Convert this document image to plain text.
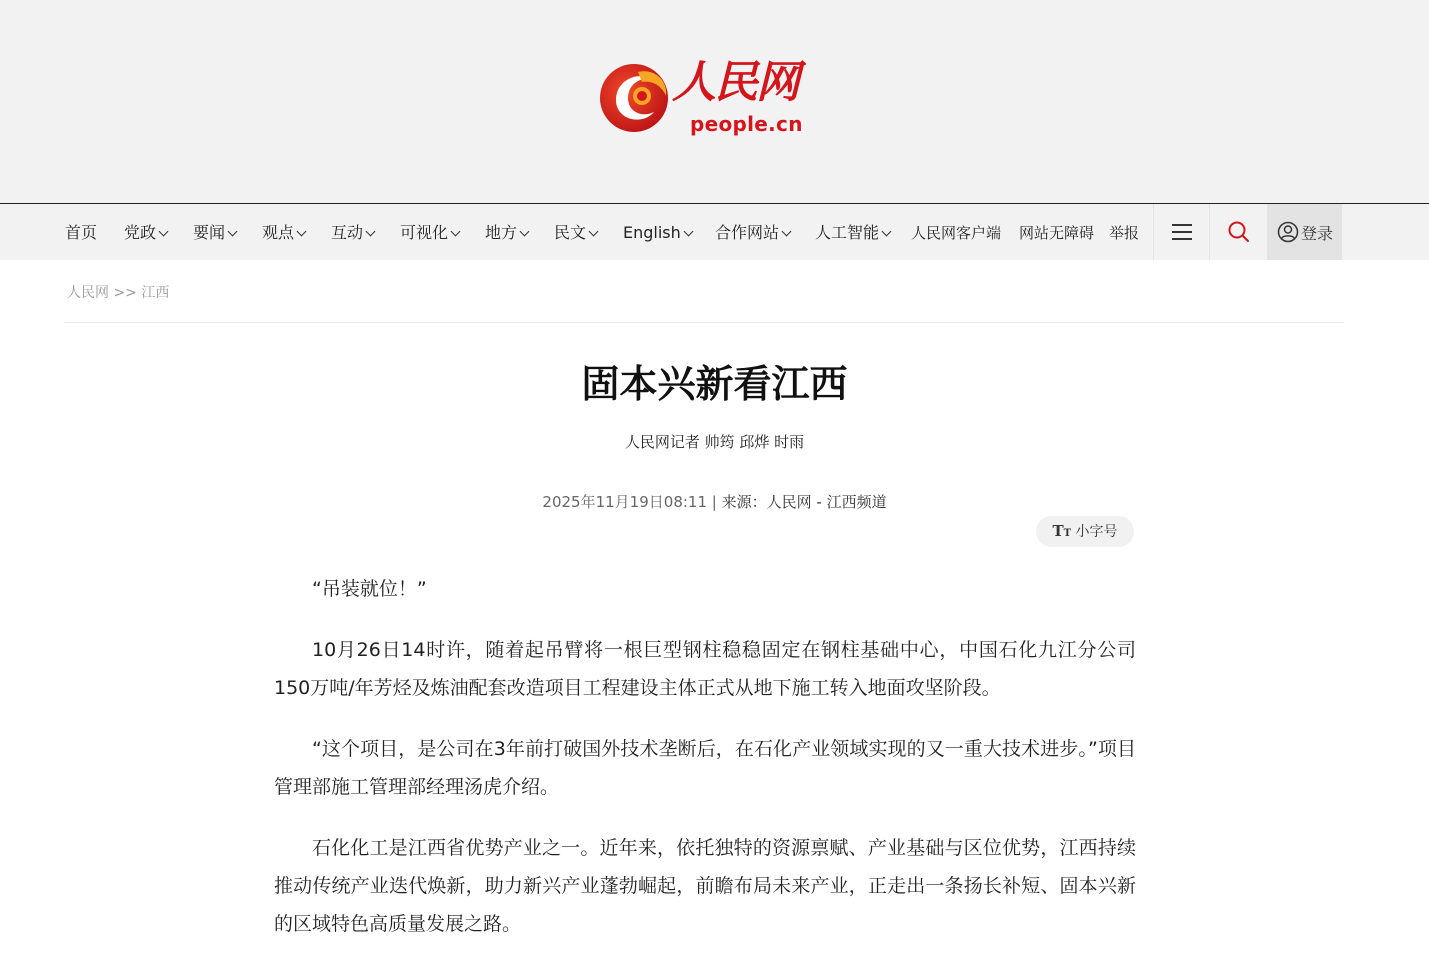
人民网
people.cn
首页 党政	要闻	观点	互动	可视化	地方	民文	English	合作网站	人工智能	人民网客户端 网站无障碍 举报	登录
人民网 >> 江西
固本兴新看江西
人民网记者 帅筠 邱烨 时雨
2025年11月19日08:11 | 来源：人民网 - 江西频道
TT 小字号

“吊装就位！”

10月26日14时许，随着起吊臂将一根巨型钢柱稳稳固定在钢柱基础中心，中国石化九江分公司150万吨/年芳烃及炼油配套改造项目工程建设主体正式从地下施工转入地面攻坚阶段。

“这个项目，是公司在3年前打破国外技术垄断后，在石化产业领域实现的又一重大技术进步。”项目管理部施工管理部经理汤虎介绍。

石化化工是江西省优势产业之一。近年来，依托独特的资源禀赋、产业基础与区位优势，江西持续推动传统产业迭代焕新，助力新兴产业蓬勃崛起，前瞻布局未来产业，正走出一条扬长补短、固本兴新的区域特色高质量发展之路。
